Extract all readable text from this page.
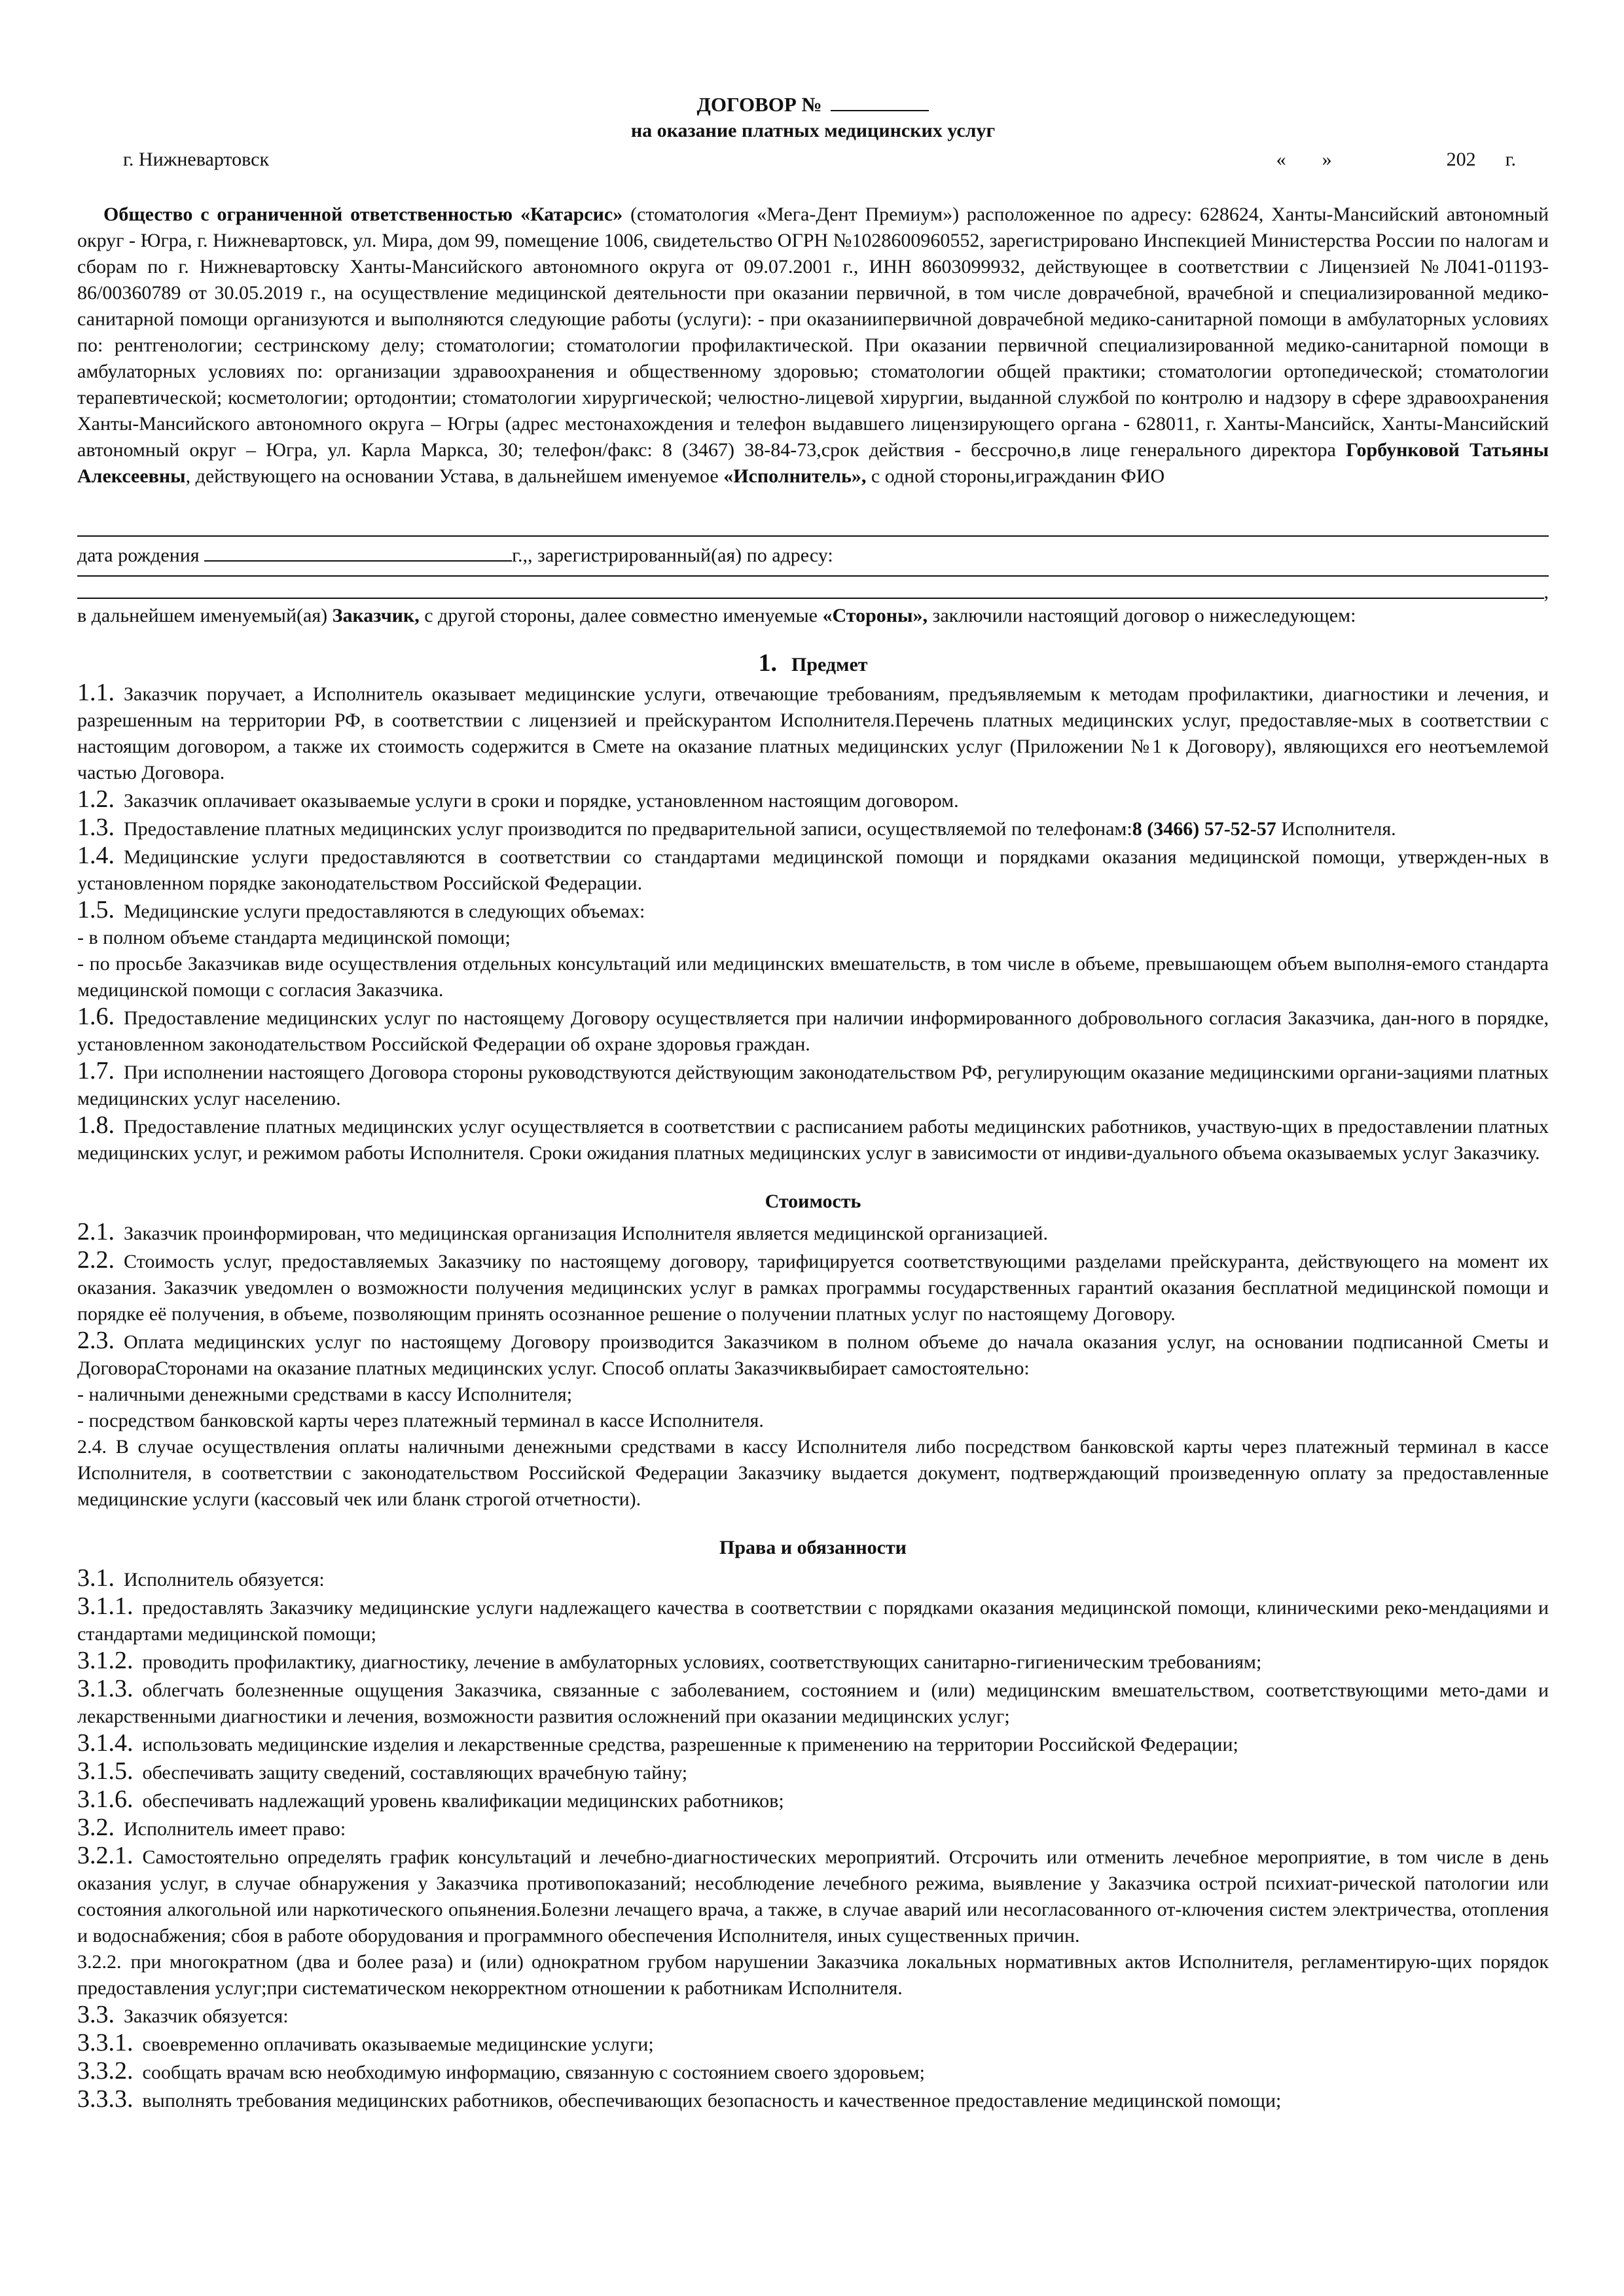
ДОГОВОР №
на оказание платных медицинских услуг
г. Нижневартовск	« »	202 г.

Общество с ограниченной ответственностью «Катарсис» (стоматология «Мега-Дент Премиум») расположенное по адресу: 628624, Ханты-Мансийский автономный округ - Югра, г. Нижневартовск, ул. Мира, дом 99, помещение 1006, свидетельство ОГРН №1028600960552, зарегистрировано Инспекцией Министерства России по налогам и сборам по г. Нижневартовску Ханты-Мансийского автономного округа от 09.07.2001 г., ИНН 8603099932, действующее в соответствии с Лицензией №Л041-01193-86/00360789 от 30.05.2019 г., на осуществление медицинской деятельности при оказании первичной, в том числе доврачебной, врачебной и специализированной медико-санитарной помощи организуются и выполняются следующие работы (услуги): - при оказаниипервичной доврачебной медико-санитарной помощи в амбулаторных условиях по: рентгенологии; сестринскому делу; стоматологии; стоматологии профилактической. При оказании первичной специализированной медико-санитарной помощи в амбулаторных условиях по: организации здравоохранения и общественному здоровью; стоматологии общей практики; стоматологии ортопедической; стоматологии терапевтической; косметологии; ортодонтии; стоматологии хирургической; челюстно-лицевой хирургии, выданной службой по контролю и надзору в сфере здравоохранения Ханты-Мансийского автономного округа – Югры (адрес местонахождения и телефон выдавшего лицензирующего органа - 628011, г. Ханты-Мансийск, Ханты-Мансийский автономный округ – Югра, ул. Карла Маркса, 30; телефон/факс: 8 (3467) 38-84-73,срок действия - бессрочно,в лице генерального директора Горбунковой Татьяны Алексеевны, действующего на основании Устава, в дальнейшем именуемое «Исполнитель», с одной стороны,игражданин ФИО

дата рождения	г.,, зарегистрированный(ая) по адресу:
,

в дальнейшем именуемый(ая) Заказчик, с другой стороны, далее совместно именуемые «Стороны», заключили настоящий договор о нижеследующем:

1. Предмет

1.1. Заказчик поручает, а Исполнитель оказывает медицинские услуги, отвечающие требованиям, предъявляемым к методам профилактики, диагностики и лечения, и разрешенным на территории РФ, в соответствии с лицензией и прейскурантом Исполнителя.Перечень платных медицинских услуг, предоставляе-мых в соответствии с настоящим договором, а также их стоимость содержится в Смете на оказание платных медицинских услуг (Приложении №1 к Договору), являющихся его неотъемлемой частью Договора.

1.2. Заказчик оплачивает оказываемые услуги в сроки и порядке, установленном настоящим договором.

1.3. Предоставление платных медицинских услуг производится по предварительной записи, осуществляемой по телефонам:8 (3466) 57-52-57 Исполнителя.

1.4. Медицинские услуги предоставляются в соответствии со стандартами медицинской помощи и порядками оказания медицинской помощи, утвержден-ных в установленном порядке законодательством Российской Федерации.

1.5. Медицинские услуги предоставляются в следующих объемах:

- в полном объеме стандарта медицинской помощи;

- по просьбе Заказчикав виде осуществления отдельных консультаций или медицинских вмешательств, в том числе в объеме, превышающем объем выполня-емого стандарта медицинской помощи с согласия Заказчика.

1.6. Предоставление медицинских услуг по настоящему Договору осуществляется при наличии информированного добровольного согласия Заказчика, дан-ного в порядке, установленном законодательством Российской Федерации об охране здоровья граждан.

1.7. При исполнении настоящего Договора стороны руководствуются действующим законодательством РФ, регулирующим оказание медицинскими органи-зациями платных медицинских услуг населению.

1.8. Предоставление платных медицинских услуг осуществляется в соответствии с расписанием работы медицинских работников, участвую-щих в предоставлении платных медицинских услуг, и режимом работы Исполнителя. Сроки ожидания платных медицинских услуг в зависимости от индиви-дуального объема оказываемых услуг Заказчику.

Стоимость

2.1. Заказчик проинформирован, что медицинская организация Исполнителя является медицинской организацией.

2.2. Стоимость услуг, предоставляемых Заказчику по настоящему договору, тарифицируется соответствующими разделами прейскуранта, действующего на момент их оказания. Заказчик уведомлен о возможности получения медицинских услуг в рамках программы государственных гарантий оказания бесплатной медицинской помощи и порядке её получения, в объеме, позволяющим принять осознанное решение о получении платных услуг по настоящему Договору.

2.3. Оплата медицинских услуг по настоящему Договору производится Заказчиком в полном объеме до начала оказания услуг, на основании подписанной Сметы и ДоговораСторонами на оказание платных медицинских услуг. Способ оплаты Заказчиквыбирает самостоятельно:

- наличными денежными средствами в кассу Исполнителя;

- посредством банковской карты через платежный терминал в кассе Исполнителя.

2.4. В случае осуществления оплаты наличными денежными средствами в кассу Исполнителя либо посредством банковской карты через платежный терминал в кассе Исполнителя, в соответствии с законодательством Российской Федерации Заказчику выдается документ, подтверждающий произведенную оплату за предоставленные медицинские услуги (кассовый чек или бланк строгой отчетности).

Права и обязанности

3.1. Исполнитель обязуется:

3.1.1. предоставлять Заказчику медицинские услуги надлежащего качества в соответствии с порядками оказания медицинской помощи, клиническими реко-мендациями и стандартами медицинской помощи;

3.1.2. проводить профилактику, диагностику, лечение в амбулаторных условиях, соответствующих санитарно-гигиеническим требованиям;

3.1.3. облегчать болезненные ощущения Заказчика, связанные с заболеванием, состоянием и (или) медицинским вмешательством, соответствующими мето-дами и лекарственными диагностики и лечения, возможности развития осложнений при оказании медицинских услуг;

3.1.4. использовать медицинские изделия и лекарственные средства, разрешенные к применению на территории Российской Федерации;

3.1.5. обеспечивать защиту сведений, составляющих врачебную тайну;

3.1.6. обеспечивать надлежащий уровень квалификации медицинских работников;

3.2. Исполнитель имеет право:

3.2.1. Самостоятельно определять график консультаций и лечебно-диагностических мероприятий. Отсрочить или отменить лечебное мероприятие, в том числе в день оказания услуг, в случае обнаружения у Заказчика противопоказаний; несоблюдение лечебного режима, выявление у Заказчика острой психиат-рической патологии или состояния алкогольной или наркотического опьянения.Болезни лечащего врача, а также, в случае аварий или несогласованного от-ключения систем электричества, отопления и водоснабжения; сбоя в работе оборудования и программного обеспечения Исполнителя, иных существенных причин.

3.2.2. при многократном (два и более раза) и (или) однократном грубом нарушении Заказчика локальных нормативных актов Исполнителя, регламентирую-щих порядок предоставления услуг;при систематическом некорректном отношении к работникам Исполнителя.

3.3. Заказчик обязуется:

3.3.1. своевременно оплачивать оказываемые медицинские услуги;

3.3.2. сообщать врачам всю необходимую информацию, связанную с состоянием своего здоровьем;

3.3.3. выполнять требования медицинских работников, обеспечивающих безопасность и качественное предоставление медицинской помощи;
